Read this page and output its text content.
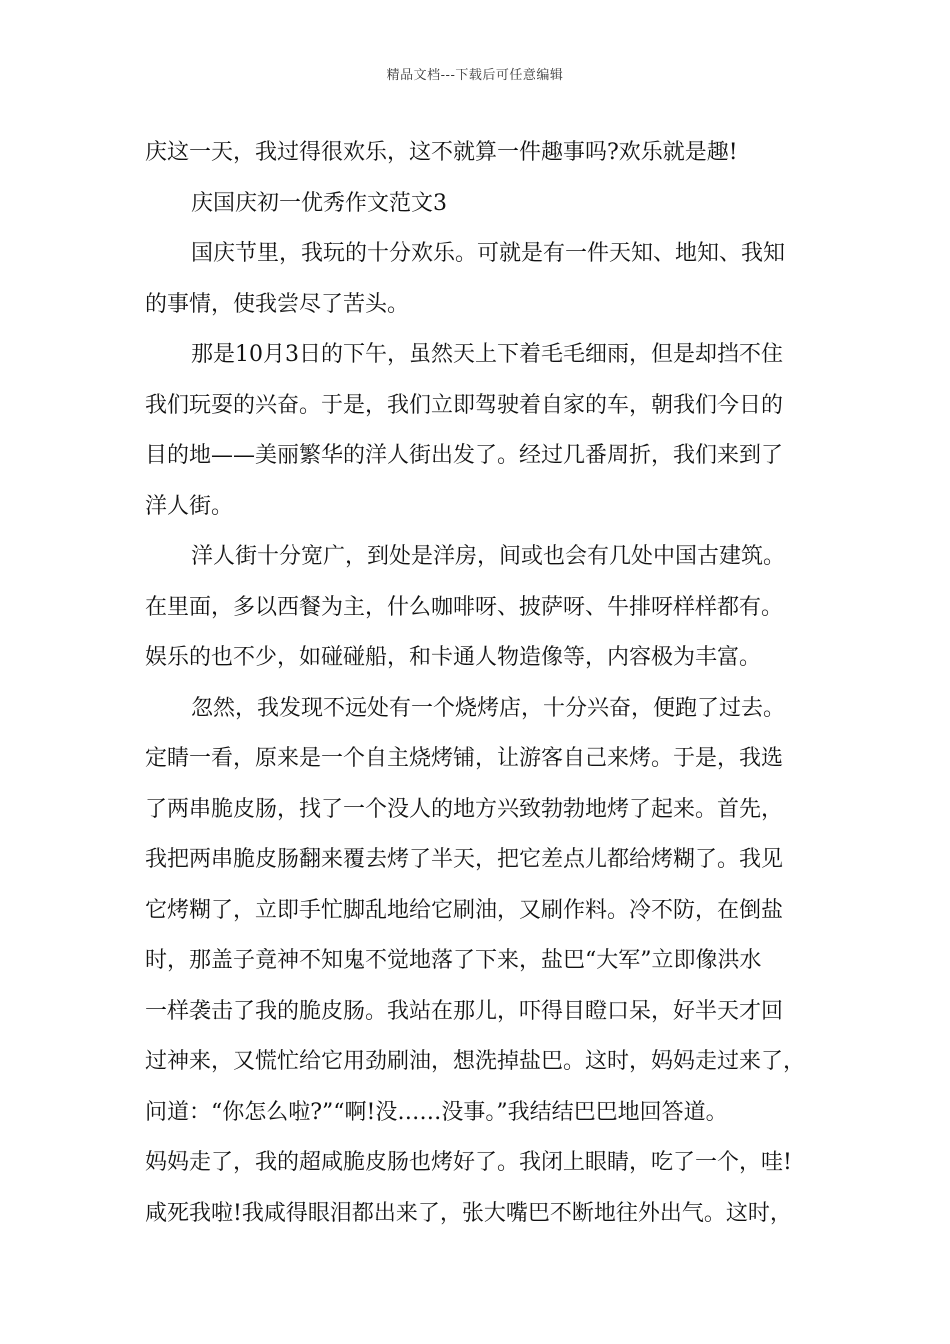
精品文档---下载后可任意编辑
庆这一天，我过得很欢乐，这不就算一件趣事吗?欢乐就是趣!
庆国庆初一优秀作文范文3
国庆节里，我玩的十分欢乐。可就是有一件天知、地知、我知
的事情，使我尝尽了苦头。
那是10月3日的下午，虽然天上下着毛毛细雨，但是却挡不住
我们玩耍的兴奋。于是，我们立即驾驶着自家的车，朝我们今日的
目的地——美丽繁华的洋人街出发了。经过几番周折，我们来到了
洋人街。
洋人街十分宽广，到处是洋房，间或也会有几处中国古建筑。
在里面，多以西餐为主，什么咖啡呀、披萨呀、牛排呀样样都有。
娱乐的也不少，如碰碰船，和卡通人物造像等，内容极为丰富。
忽然，我发现不远处有一个烧烤店，十分兴奋，便跑了过去。
定睛一看，原来是一个自主烧烤铺，让游客自己来烤。于是，我选
了两串脆皮肠，找了一个没人的地方兴致勃勃地烤了起来。首先，
我把两串脆皮肠翻来覆去烤了半天，把它差点儿都给烤糊了。我见
它烤糊了，立即手忙脚乱地给它刷油，又刷作料。冷不防，在倒盐
时，那盖子竟神不知鬼不觉地落了下来，盐巴“大军”立即像洪水
一样袭击了我的脆皮肠。我站在那儿，吓得目瞪口呆，好半天才回
过神来，又慌忙给它用劲刷油，想洗掉盐巴。这时，妈妈走过来了，
问道：“你怎么啦?”“啊!没……没事。”我结结巴巴地回答道。
妈妈走了，我的超咸脆皮肠也烤好了。我闭上眼睛，吃了一个，哇!
咸死我啦!我咸得眼泪都出来了，张大嘴巴不断地往外出气。这时，
